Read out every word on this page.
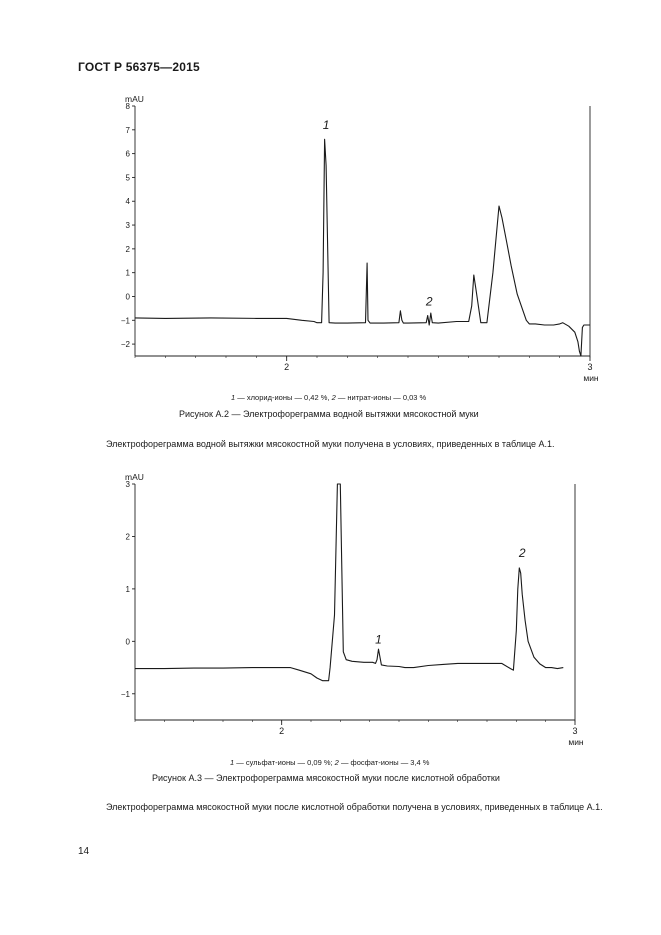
ГОСТ Р 56375—2015
−2
−1
0
1
2
3
4
5
6
7
8
2	3
mAU
мин
1
2
1 — хлорид-ионы — 0,42 %, 2 — нитрат-ионы — 0,03 %
Рисунок А.2 — Электрофореграмма водной вытяжки мясокостной муки
Электрофореграмма водной вытяжки мясокостной муки получена в условиях, приведенных в таблице А.1.
−1
0
1
2
3
2	3
mAU
мин
1
2
1 — сульфат-ионы — 0,09 %; 2 — фосфат-ионы — 3,4 %
Рисунок А.3 — Электрофореграмма мясокостной муки после кислотной обработки
Электрофореграмма мясокостной муки после кислотной обработки получена в условиях, приведенных в таблице А.1.
14
